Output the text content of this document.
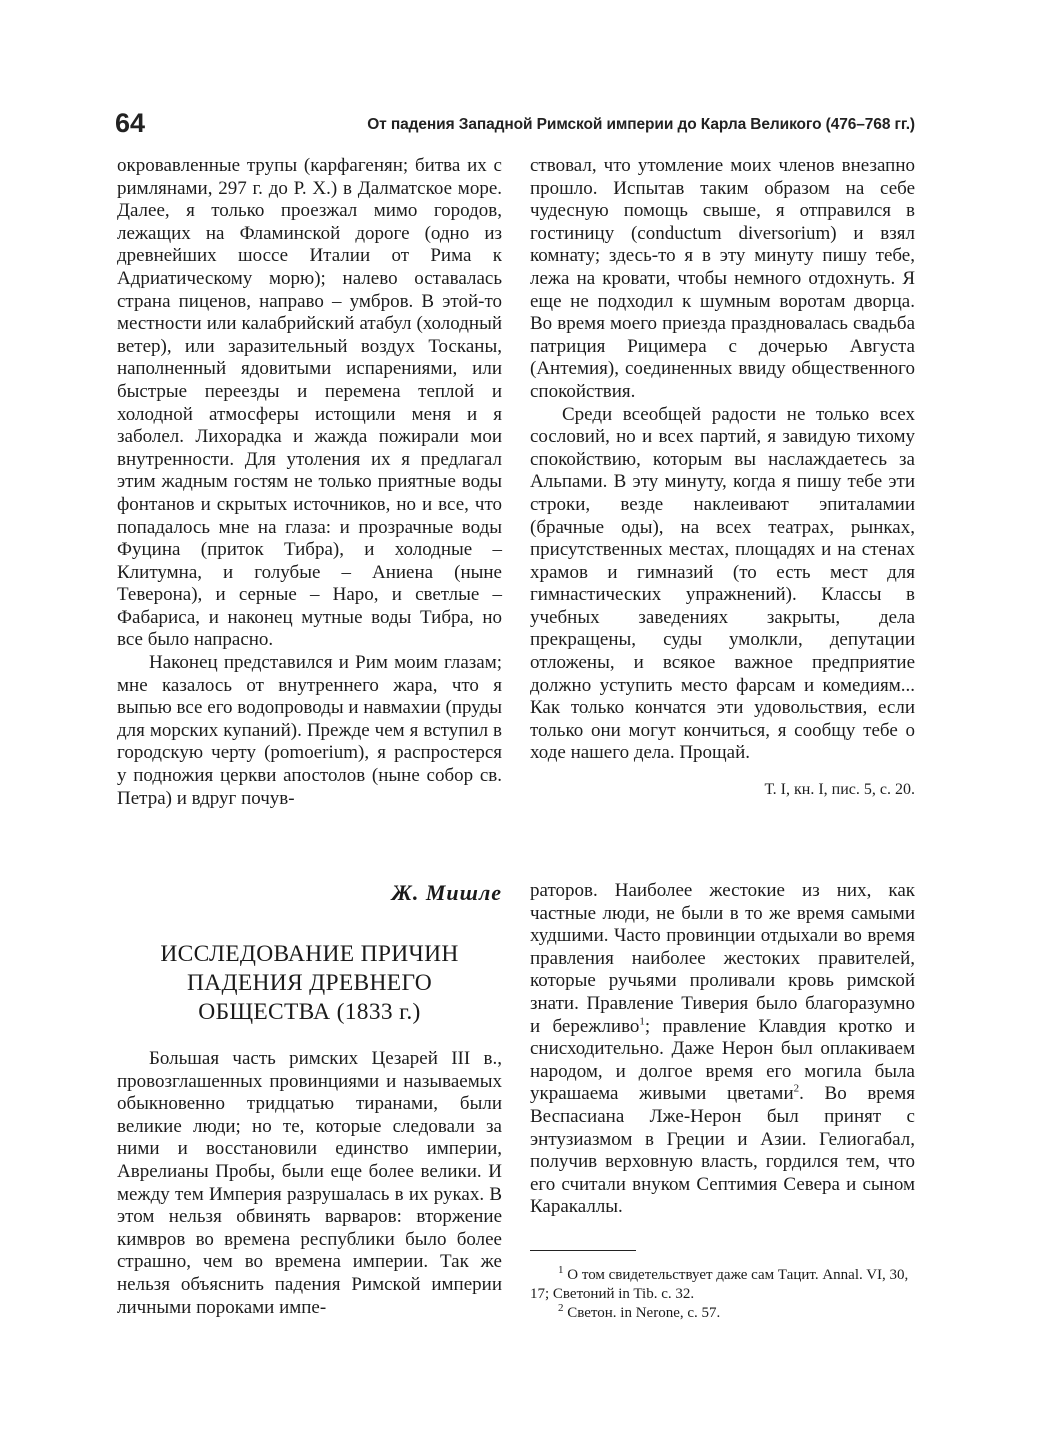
64	От падения Западной Римской империи до Карла Великого (476–768 гг.)

окровавленные трупы (карфагенян; битва их с римлянами, 297 г. до Р. Х.) в Далматское море. Далее, я только проезжал мимо городов, лежащих на Фламинской дороге (одно из древнейших шоссе Италии от Рима к Адриатическому морю); налево оставалась страна пиценов, направо – умбров. В этой-то местности или калабрийский атабул (холодный ветер), или заразительный воздух Тосканы, наполненный ядовитыми испарениями, или быстрые переезды и перемена теплой и холодной атмосферы истощили меня и я заболел. Лихорадка и жажда пожирали мои внутренности. Для утоления их я предлагал этим жадным гостям не только приятные воды фонтанов и скрытых источников, но и все, что попадалось мне на глаза: и прозрачные воды Фуцина (приток Тибра), и холодные – Клитумна, и голубые – Аниена (ныне Теверона), и серные – Наро, и светлые – Фабариса, и наконец мутные воды Тибра, но все было напрасно.

Наконец представился и Рим моим глазам; мне казалось от внутреннего жара, что я выпью все его водопроводы и навмахии (пруды для морских купаний). Прежде чем я вступил в городскую черту (pomoerium), я распростерся у подножия церкви апостолов (ныне собор св. Петра) и вдруг почув-

ствовал, что утомление моих членов внезапно прошло. Испытав таким образом на себе чудесную помощь свыше, я отправился в гостиницу (conductum diversorium) и взял комнату; здесь-то я в эту минуту пишу тебе, лежа на кровати, чтобы немного отдохнуть. Я еще не подходил к шумным воротам дворца. Во время моего приезда праздновалась свадьба патриция Рицимера с дочерью Августа (Антемия), соединенных ввиду общественного спокойствия.

Среди всеобщей радости не только всех сословий, но и всех партий, я завидую тихому спокойствию, которым вы наслаждаетесь за Альпами. В эту минуту, когда я пишу тебе эти строки, везде наклеивают эпиталамии (брачные оды), на всех театрах, рынках, присутственных местах, площадях и на стенах храмов и гимназий (то есть мест для гимнастических упражнений). Классы в учебных заведениях закрыты, дела прекращены, суды умолкли, депутации отложены, и всякое важное предприятие должно уступить место фарсам и комедиям... Как только кончатся эти удовольствия, если только они могут кончиться, я сообщу тебе о ходе нашего дела. Прощай.

Т. I, кн. I, пис. 5, с. 20.

Ж. Мишле
ИССЛЕДОВАНИЕ ПРИЧИН
ПАДЕНИЯ ДРЕВНЕГО
ОБЩЕСТВА (1833 г.)

Большая часть римских Цезарей III в., провозглашенных провинциями и называемых обыкновенно тридцатью тиранами, были великие люди; но те, которые следовали за ними и восстановили единство империи, Аврелианы Пробы, были еще более велики. И между тем Империя разрушалась в их руках. В этом нельзя обвинять варваров: вторжение кимвров во времена республики было более страшно, чем во времена империи. Так же нельзя объяснить падения Римской империи личными пороками импе-

раторов. Наиболее жестокие из них, как частные люди, не были в то же время самыми худшими. Часто провинции отдыхали во время правления наиболее жестоких правителей, которые ручьями проливали кровь римской знати. Правление Тиверия было благоразумно и бережливо$^1$; правление Клавдия кротко и снисходительно. Даже Нерон был оплакиваем народом, и долгое время его могила была украшаема живыми цветами$^2$. Во время Веспасиана Лже-Нерон был принят с энтузиазмом в Греции и Азии. Гелиогабал, получив верховную власть, гордился тем, что его считали внуком Септимия Севера и сыном Каракаллы.

$^1$ О том свидетельствует даже сам Тацит. Annal. VI, 30, 17; Светоний in Tib. c. 32.

$^2$ Светон. in Nerone, c. 57.
